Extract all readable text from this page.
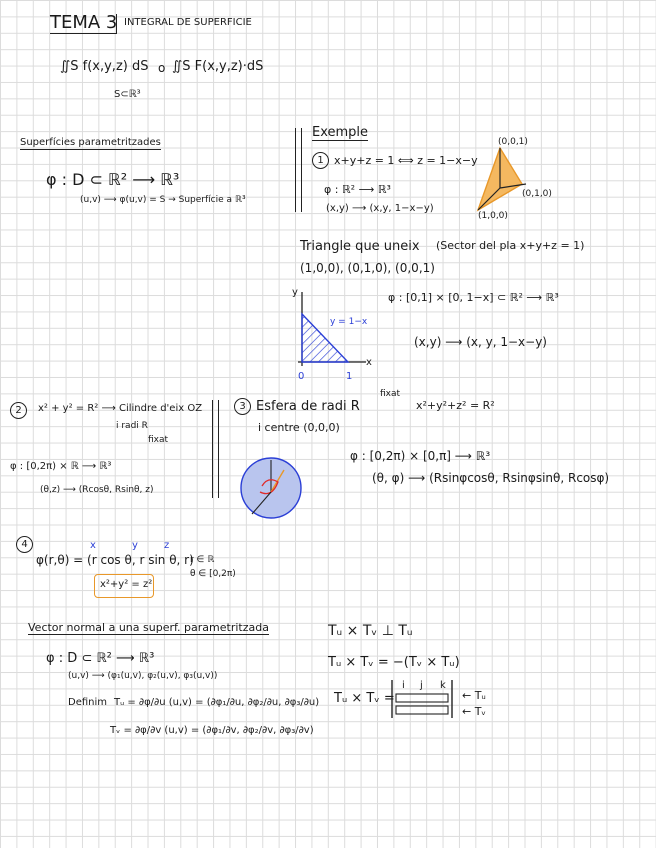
TEMA 3 INTEGRAL DE SUPERFICIE
∬S f(x,y,z) dS o ∬S F(x,y,z)·dS
S⊂ℝ³
Superfícies parametritzades
φ : D ⊂ ℝ² ⟶ ℝ³
(u,v) ⟶ φ(u,v) = S → Superfície a ℝ³
Exemple
1 x+y+z = 1 ⟺ z = 1−x−y
φ : ℝ² ⟶ ℝ³
(x,y) ⟶ (x,y, 1−x−y)
(0,0,1)
(0,1,0)
(1,0,0)
Triangle que uneix (Sector del pla x+y+z = 1)
(1,0,0), (0,1,0), (0,0,1)
y
x
y = 1−x
0	1
φ : [0,1] × [0, 1−x] ⊂ ℝ² ⟶ ℝ³
(x,y) ⟶ (x, y, 1−x−y)
2	x² + y² = R² ⟶ Cilindre d'eix OZ
i radi R
fixat
φ : [0,2π) × ℝ ⟶ ℝ³
(θ,z) ⟶ (Rcosθ, Rsinθ, z)
3 Esfera de radi R
fixat
x²+y²+z² = R²
i centre (0,0,0)
φ : [0,2π) × [0,π] ⟶ ℝ³
(θ, φ) ⟶ (Rsinφcosθ, Rsinφsinθ, Rcosφ)
4	x	y	z
φ(r,θ) = (r cos θ, r sin θ, r)
r ∈ ℝ
θ ∈ [0,2π)
x²+y² = z²
Vector normal a una superf. parametritzada
φ : D ⊂ ℝ² ⟶ ℝ³
(u,v) ⟶ (φ₁(u,v), φ₂(u,v), φ₃(u,v))
Definim Tᵤ = ∂φ/∂u (u,v) = (∂φ₁/∂u, ∂φ₂/∂u, ∂φ₃/∂u)
Tᵥ = ∂φ/∂v (u,v) = (∂φ₁/∂v, ∂φ₂/∂v, ∂φ₃/∂v)
Tᵤ × Tᵥ ⊥ Tᵤ
Tᵤ × Tᵥ = −(Tᵥ × Tᵤ)
Tᵤ × Tᵥ =
i j k
← Tᵤ
← Tᵥ
